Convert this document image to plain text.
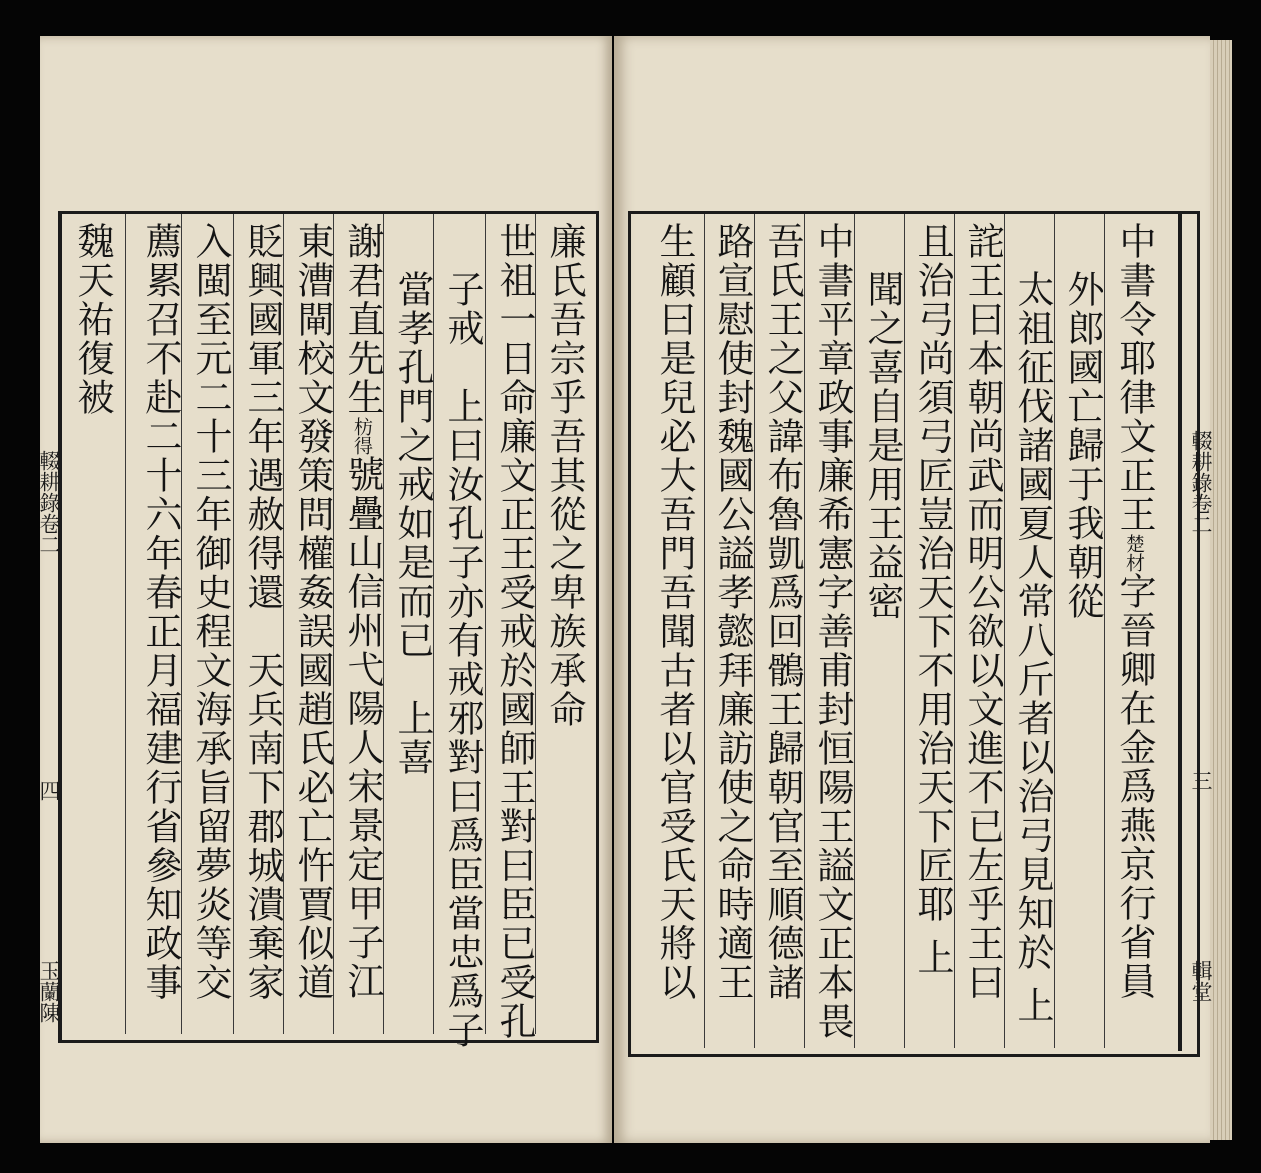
中書令耶律文正王楚材字晉卿在金爲燕京行省員
外郎國亡歸于我朝從
太祖征伐諸國夏人常八斤者以治弓見知於 上
詫王曰本朝尚武而明公欲以文進不已左乎王曰
且治弓尚須弓匠豈治天下不用治天下匠耶 上
聞之喜自是用王益密
中書平章政事廉希憲字善甫封恒陽王謚文正本畏
吾氏王之父諱布魯凱爲回鶻王歸朝官至順德諸
路宣慰使封魏國公謚孝懿拜廉訪使之命時適王
生顧曰是兒必大吾門吾聞古者以官受氏天將以	輟耕錄卷二
三
輯堂
廉氏吾宗乎吾其從之卑族承命
世祖一日命廉文正王受戒於國師王對曰臣已受孔
子戒　上曰汝孔子亦有戒邪對曰爲臣當忠爲子
當孝孔門之戒如是而已　上喜
謝君直先生枋得號疊山信州弋陽人宋景定甲子江
東漕閘校文發策問權姦誤國趙氏必亡忤賈似道
貶興國軍三年遇赦得還　天兵南下郡城潰棄家
入閩至元二十三年御史程文海承旨留夢炎等交
薦累召不赴二十六年春正月福建行省參知政事
魏天祐復被
輟耕錄卷二
四
玉蘭陳
